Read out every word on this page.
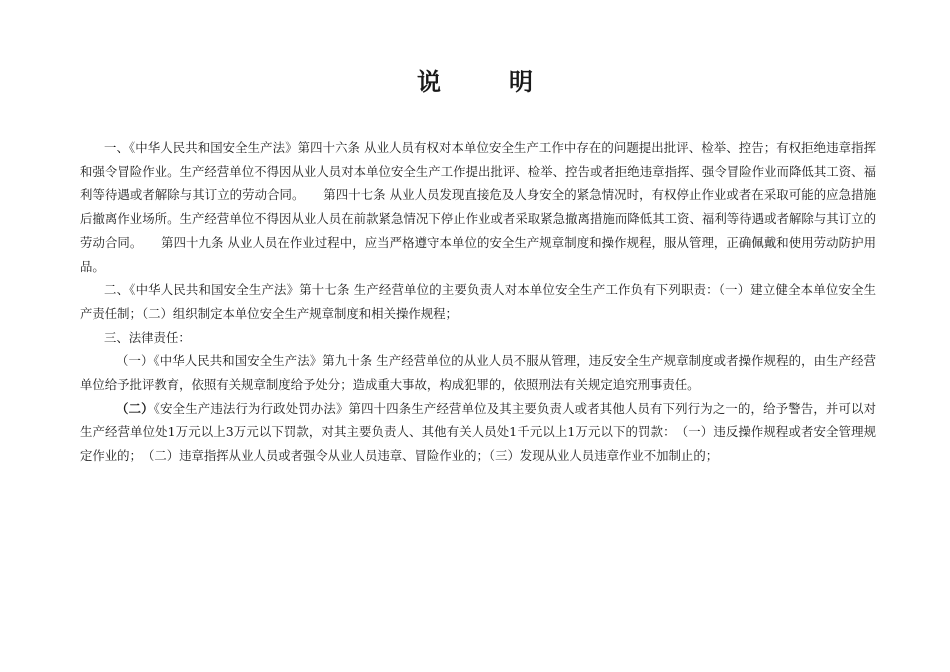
说　明

一、《中华人民共和国安全生产法》第四十六条 从业人员有权对本单位安全生产工作中存在的问题提出批评、检举、控告；有权拒绝违章指挥和强令冒险作业。生产经营单位不得因从业人员对本单位安全生产工作提出批评、检举、控告或者拒绝违章指挥、强令冒险作业而降低其工资、福利等待遇或者解除与其订立的劳动合同。　　第四十七条 从业人员发现直接危及人身安全的紧急情况时，有权停止作业或者在采取可能的应急措施后撤离作业场所。生产经营单位不得因从业人员在前款紧急情况下停止作业或者采取紧急撤离措施而降低其工资、福利等待遇或者解除与其订立的劳动合同。　　第四十九条 从业人员在作业过程中，应当严格遵守本单位的安全生产规章制度和操作规程，服从管理，正确佩戴和使用劳动防护用品。

二、《中华人民共和国安全生产法》第十七条 生产经营单位的主要负责人对本单位安全生产工作负有下列职责：（一）建立健全本单位安全生产责任制；（二）组织制定本单位安全生产规章制度和相关操作规程；

三、法律责任：

（一）《中华人民共和国安全生产法》第九十条 生产经营单位的从业人员不服从管理，违反安全生产规章制度或者操作规程的，由生产经营单位给予批评教育，依照有关规章制度给予处分；造成重大事故，构成犯罪的，依照刑法有关规定追究刑事责任。

（二）《安全生产违法行为行政处罚办法》第四十四条生产经营单位及其主要负责人或者其他人员有下列行为之一的，给予警告，并可以对生产经营单位处1万元以上3万元以下罚款，对其主要负责人、其他有关人员处1千元以上1万元以下的罚款：　（一）违反操作规程或者安全管理规定作业的；　（二）违章指挥从业人员或者强令从业人员违章、冒险作业的；（三）发现从业人员违章作业不加制止的；
